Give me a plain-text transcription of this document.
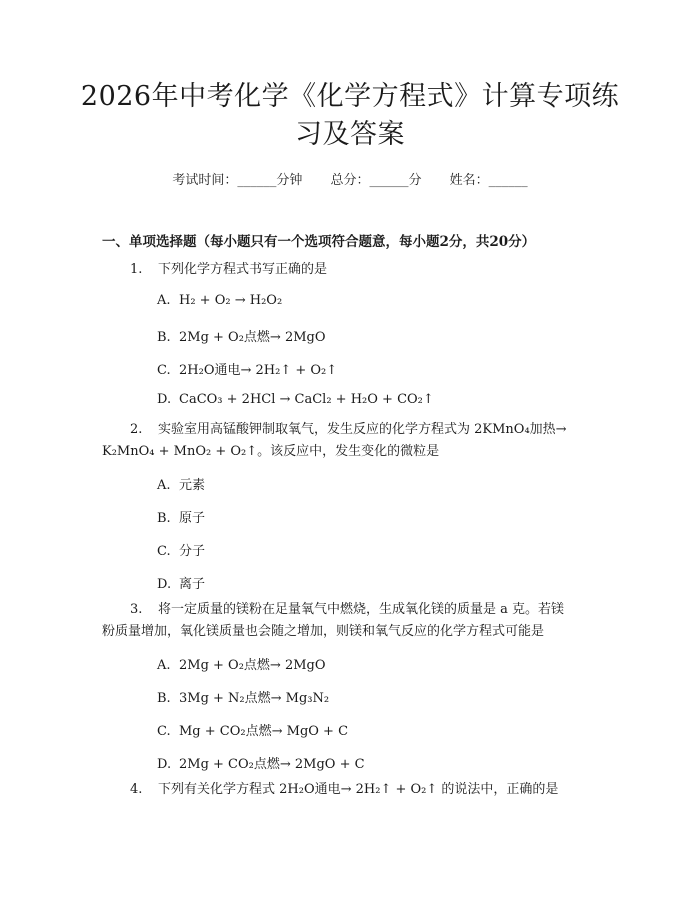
2026年中考化学《化学方程式》计算专项练
习及答案
考试时间：______分钟 总分：______分 姓名：______
一、单项选择题（每小题只有一个选项符合题意，每小题2分，共20分）
1. 下列化学方程式书写正确的是
A. H₂ + O₂ → H₂O₂
B. 2Mg + O₂点燃→ 2MgO
C. 2H₂O通电→ 2H₂↑ + O₂↑
D. CaCO₃ + 2HCl → CaCl₂ + H₂O + CO₂↑
2. 实验室用高锰酸钾制取氧气，发生反应的化学方程式为 2KMnO₄加热→
K₂MnO₄ + MnO₂ + O₂↑。该反应中，发生变化的微粒是
A. 元素
B. 原子
C. 分子
D. 离子
3. 将一定质量的镁粉在足量氧气中燃烧，生成氧化镁的质量是 a 克。若镁
粉质量增加，氧化镁质量也会随之增加，则镁和氧气反应的化学方程式可能是
A. 2Mg + O₂点燃→ 2MgO
B. 3Mg + N₂点燃→ Mg₃N₂
C. Mg + CO₂点燃→ MgO + C
D. 2Mg + CO₂点燃→ 2MgO + C
4. 下列有关化学方程式 2H₂O通电→ 2H₂↑ + O₂↑ 的说法中，正确的是
